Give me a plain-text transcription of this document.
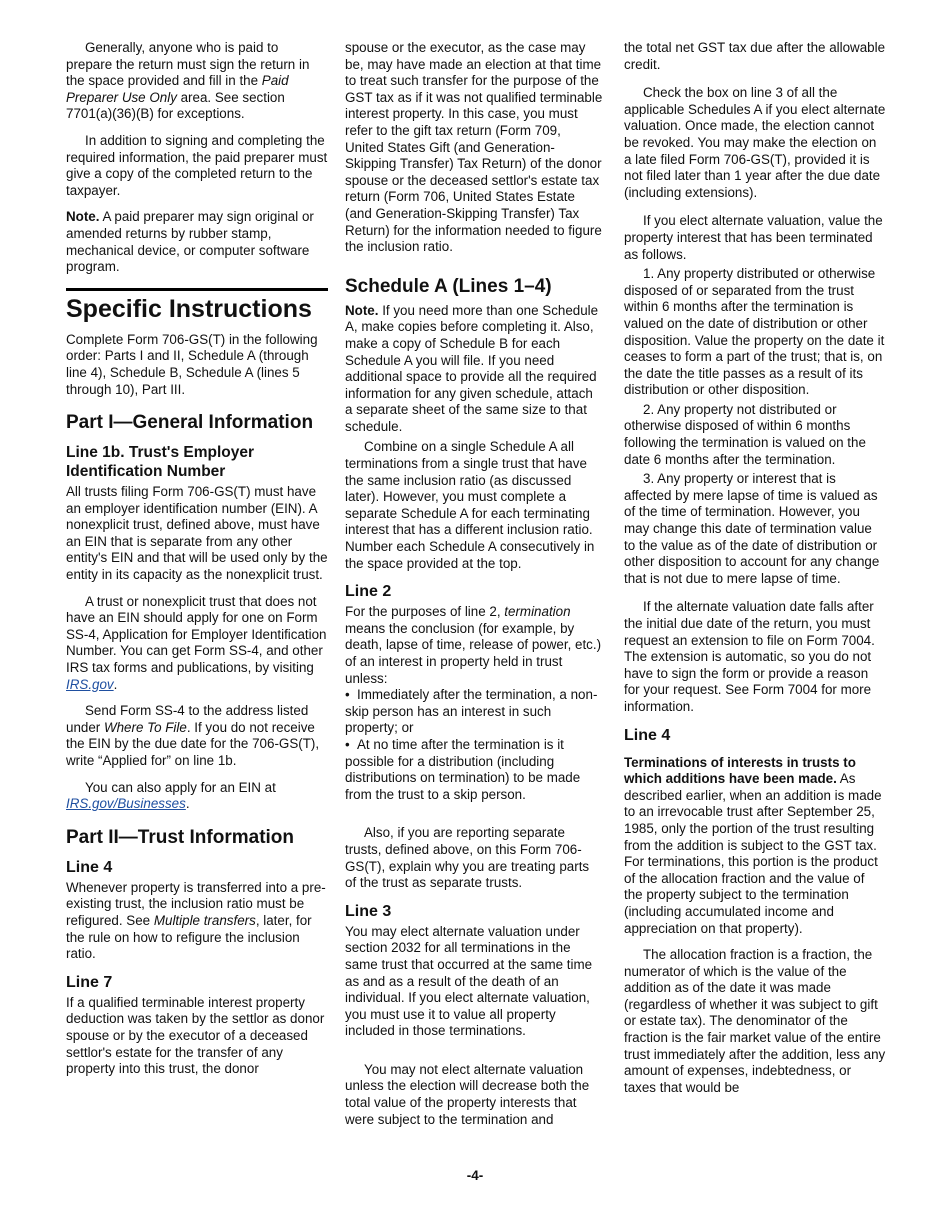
Generally, anyone who is paid to prepare the return must sign the return in the space provided and fill in the Paid Preparer Use Only area. See section 7701(a)(36)(B) for exceptions.

In addition to signing and completing the required information, the paid preparer must give a copy of the completed return to the taxpayer.

Note. A paid preparer may sign original or amended returns by rubber stamp, mechanical device, or computer software program.

Specific Instructions

Complete Form 706-GS(T) in the following order: Parts I and II, Schedule A (through line 4), Schedule B, Schedule A (lines 5 through 10), Part III.

Part I—General Information
Line 1b. Trust's Employer Identification Number

All trusts filing Form 706-GS(T) must have an employer identification number (EIN). A nonexplicit trust, defined above, must have an EIN that is separate from any other entity's EIN and that will be used only by the entity in its capacity as the nonexplicit trust.

A trust or nonexplicit trust that does not have an EIN should apply for one on Form SS-4, Application for Employer Identification Number. You can get Form SS-4, and other IRS tax forms and publications, by visiting IRS.gov.

Send Form SS-4 to the address listed under Where To File. If you do not receive the EIN by the due date for the 706-GS(T), write “Applied for” on line 1b.

You can also apply for an EIN at IRS.gov/Businesses.

Part II—Trust Information
Line 4

Whenever property is transferred into a pre-existing trust, the inclusion ratio must be refigured. See Multiple transfers, later, for the rule on how to refigure the inclusion ratio.

Line 7

If a qualified terminable interest property deduction was taken by the settlor as donor spouse or by the executor of a deceased settlor's estate for the transfer of any property into this trust, the donor

spouse or the executor, as the case may be, may have made an election at that time to treat such transfer for the purpose of the GST tax as if it was not qualified terminable interest property. In this case, you must refer to the gift tax return (Form 709, United States Gift (and Generation-Skipping Transfer) Tax Return) of the donor spouse or the deceased settlor's estate tax return (Form 706, United States Estate (and Generation-Skipping Transfer) Tax Return) for the information needed to figure the inclusion ratio.

Schedule A (Lines 1–4)

Note. If you need more than one Schedule A, make copies before completing it. Also, make a copy of Schedule B for each Schedule A you will file. If you need additional space to provide all the required information for any given schedule, attach a separate sheet of the same size to that schedule.

Combine on a single Schedule A all terminations from a single trust that have the same inclusion ratio (as discussed later). However, you must complete a separate Schedule A for each terminating interest that has a different inclusion ratio. Number each Schedule A consecutively in the space provided at the top.

Line 2

For the purposes of line 2, termination means the conclusion (for example, by death, lapse of time, release of power, etc.) of an interest in property held in trust unless:

• Immediately after the termination, a non-skip person has an interest in such property; or

• At no time after the termination is it possible for a distribution (including distributions on termination) to be made from the trust to a skip person.

Also, if you are reporting separate trusts, defined above, on this Form 706-GS(T), explain why you are treating parts of the trust as separate trusts.

Line 3

You may elect alternate valuation under section 2032 for all terminations in the same trust that occurred at the same time as and as a result of the death of an individual. If you elect alternate valuation, you must use it to value all property included in those terminations.

You may not elect alternate valuation unless the election will decrease both the total value of the property interests that were subject to the termination and

the total net GST tax due after the allowable credit.

Check the box on line 3 of all the applicable Schedules A if you elect alternate valuation. Once made, the election cannot be revoked. You may make the election on a late filed Form 706-GS(T), provided it is not filed later than 1 year after the due date (including extensions).

If you elect alternate valuation, value the property interest that has been terminated as follows.

1. Any property distributed or otherwise disposed of or separated from the trust within 6 months after the termination is valued on the date of distribution or other disposition. Value the property on the date it ceases to form a part of the trust; that is, on the date the title passes as a result of its distribution or other disposition.

2. Any property not distributed or otherwise disposed of within 6 months following the termination is valued on the date 6 months after the termination.

3. Any property or interest that is affected by mere lapse of time is valued as of the time of termination. However, you may change this date of termination value to the value as of the date of distribution or other disposition to account for any change that is not due to mere lapse of time.

If the alternate valuation date falls after the initial due date of the return, you must request an extension to file on Form 7004. The extension is automatic, so you do not have to sign the form or provide a reason for your request. See Form 7004 for more information.

Line 4

Terminations of interests in trusts to which additions have been made. As described earlier, when an addition is made to an irrevocable trust after September 25, 1985, only the portion of the trust resulting from the addition is subject to the GST tax. For terminations, this portion is the product of the allocation fraction and the value of the property subject to the termination (including accumulated income and appreciation on that property).

The allocation fraction is a fraction, the numerator of which is the value of the addition as of the date it was made (regardless of whether it was subject to gift or estate tax). The denominator of the fraction is the fair market value of the entire trust immediately after the addition, less any amount of expenses, indebtedness, or taxes that would be

-4-
